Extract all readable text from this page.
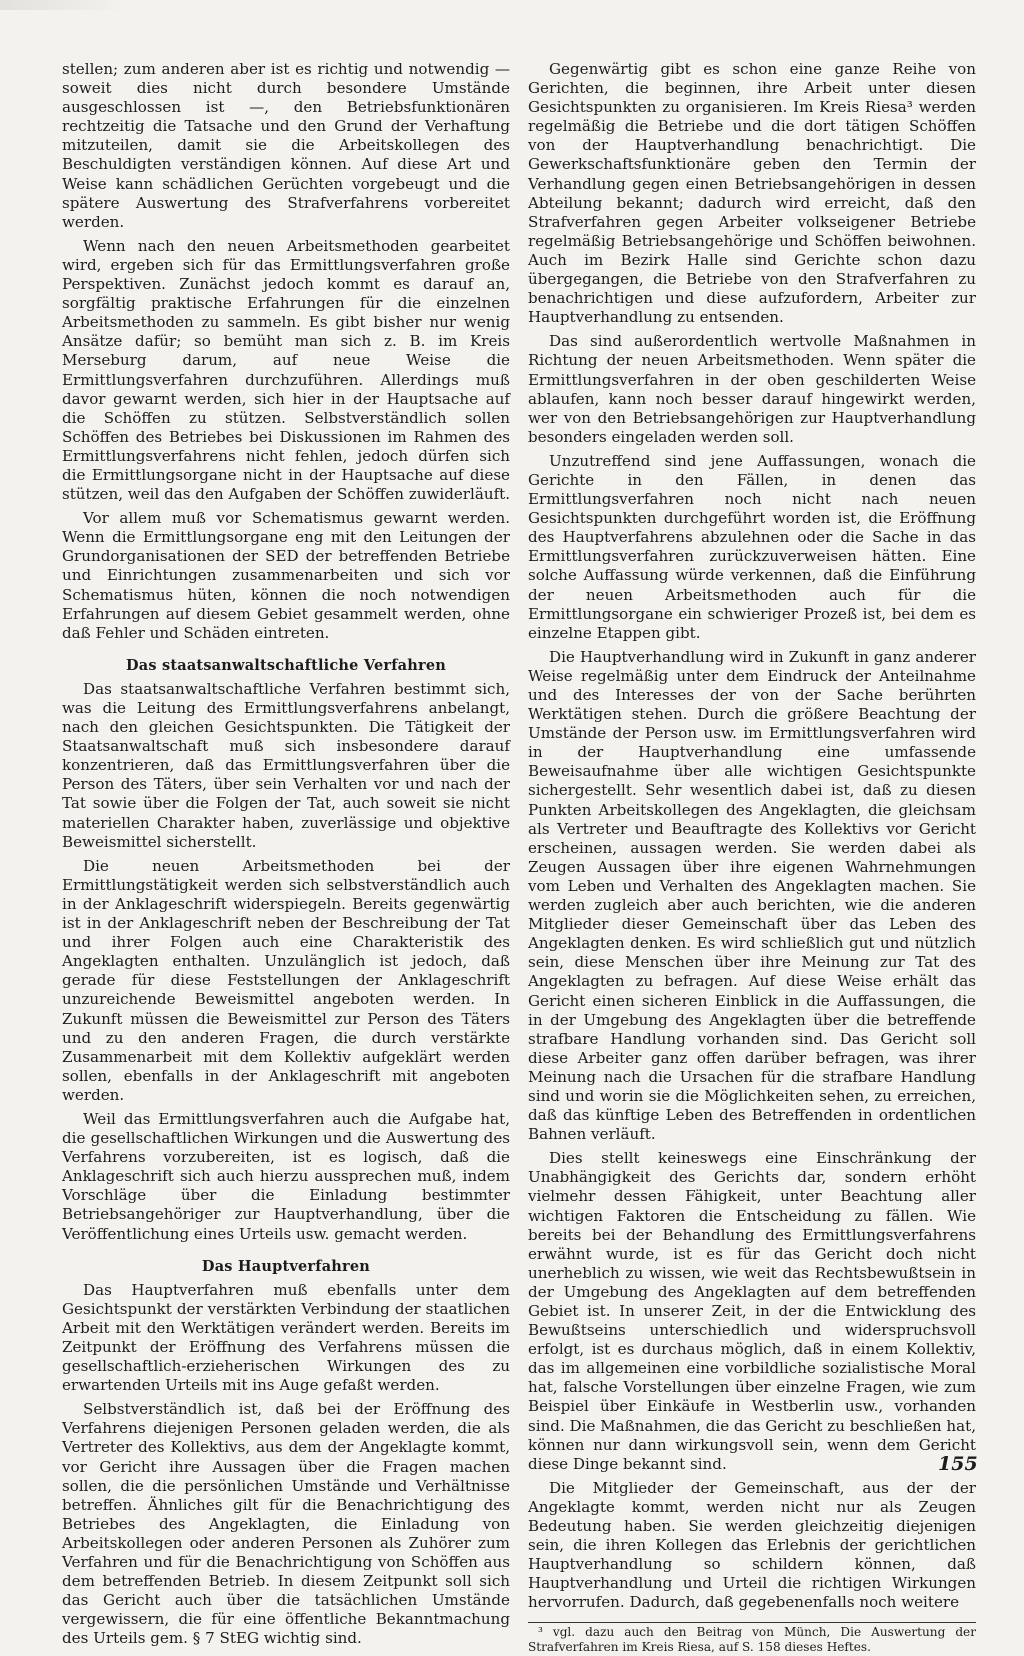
stellen; zum anderen aber ist es richtig und notwendig — soweit dies nicht durch besondere Umstände ausgeschlossen ist —, den Betriebsfunktionären rechtzeitig die Tatsache und den Grund der Verhaftung mitzuteilen, damit sie die Arbeitskollegen des Beschuldigten verständigen können. Auf diese Art und Weise kann schädlichen Gerüchten vorgebeugt und die spätere Auswertung des Strafverfahrens vorbereitet werden.

Wenn nach den neuen Arbeitsmethoden gearbeitet wird, ergeben sich für das Ermittlungsverfahren große Perspektiven. Zunächst jedoch kommt es darauf an, sorgfältig praktische Erfahrungen für die einzelnen Arbeitsmethoden zu sammeln. Es gibt bisher nur wenig Ansätze dafür; so bemüht man sich z. B. im Kreis Merseburg darum, auf neue Weise die Ermittlungsverfahren durchzuführen. Allerdings muß davor gewarnt werden, sich hier in der Hauptsache auf die Schöffen zu stützen. Selbstverständlich sollen Schöffen des Betriebes bei Diskussionen im Rahmen des Ermittlungsverfahrens nicht fehlen, jedoch dürfen sich die Ermittlungsorgane nicht in der Hauptsache auf diese stützen, weil das den Aufgaben der Schöffen zuwiderläuft.

Vor allem muß vor Schematismus gewarnt werden. Wenn die Ermittlungsorgane eng mit den Leitungen der Grundorganisationen der SED der betreffenden Betriebe und Einrichtungen zusammenarbeiten und sich vor Schematismus hüten, können die noch notwendigen Erfahrungen auf diesem Gebiet gesammelt werden, ohne daß Fehler und Schäden eintreten.

Das staatsanwaltschaftliche Verfahren

Das staatsanwaltschaftliche Verfahren bestimmt sich, was die Leitung des Ermittlungsverfahrens anbelangt, nach den gleichen Gesichtspunkten. Die Tätigkeit der Staatsanwaltschaft muß sich insbesondere darauf konzentrieren, daß das Ermittlungsverfahren über die Person des Täters, über sein Verhalten vor und nach der Tat sowie über die Folgen der Tat, auch soweit sie nicht materiellen Charakter haben, zuverlässige und objektive Beweismittel sicherstellt.

Die neuen Arbeitsmethoden bei der Ermittlungstätigkeit werden sich selbstverständlich auch in der Anklageschrift widerspiegeln. Bereits gegenwärtig ist in der Anklageschrift neben der Beschreibung der Tat und ihrer Folgen auch eine Charakteristik des Angeklagten enthalten. Unzulänglich ist jedoch, daß gerade für diese Feststellungen der Anklageschrift unzureichende Beweismittel angeboten werden. In Zukunft müssen die Beweismittel zur Person des Täters und zu den anderen Fragen, die durch verstärkte Zusammenarbeit mit dem Kollektiv aufgeklärt werden sollen, ebenfalls in der Anklageschrift mit angeboten werden.

Weil das Ermittlungsverfahren auch die Aufgabe hat, die gesellschaftlichen Wirkungen und die Auswertung des Verfahrens vorzubereiten, ist es logisch, daß die Anklageschrift sich auch hierzu aussprechen muß, indem Vorschläge über die Einladung bestimmter Betriebsangehöriger zur Hauptverhandlung, über die Veröffentlichung eines Urteils usw. gemacht werden.

Das Hauptverfahren

Das Hauptverfahren muß ebenfalls unter dem Gesichtspunkt der verstärkten Verbindung der staatlichen Arbeit mit den Werktätigen verändert werden. Bereits im Zeitpunkt der Eröffnung des Verfahrens müssen die gesellschaftlich-erzieherischen Wirkungen des zu erwartenden Urteils mit ins Auge gefaßt werden.

Selbstverständlich ist, daß bei der Eröffnung des Verfahrens diejenigen Personen geladen werden, die als Vertreter des Kollektivs, aus dem der Angeklagte kommt, vor Gericht ihre Aussagen über die Fragen machen sollen, die die persönlichen Umstände und Verhältnisse betreffen. Ähnliches gilt für die Benachrichtigung des Betriebes des Angeklagten, die Einladung von Arbeitskollegen oder anderen Personen als Zuhörer zum Verfahren und für die Benachrichtigung von Schöffen aus dem betreffenden Betrieb. In diesem Zeitpunkt soll sich das Gericht auch über die tatsächlichen Umstände vergewissern, die für eine öffentliche Bekanntmachung des Urteils gem. § 7 StEG wichtig sind.

Gegenwärtig gibt es schon eine ganze Reihe von Gerichten, die beginnen, ihre Arbeit unter diesen Gesichtspunkten zu organisieren. Im Kreis Riesa³ werden regelmäßig die Betriebe und die dort tätigen Schöffen von der Hauptverhandlung benachrichtigt. Die Gewerkschaftsfunktionäre geben den Termin der Verhandlung gegen einen Betriebsangehörigen in dessen Abteilung bekannt; dadurch wird erreicht, daß den Strafverfahren gegen Arbeiter volkseigener Betriebe regelmäßig Betriebsangehörige und Schöffen beiwohnen. Auch im Bezirk Halle sind Gerichte schon dazu übergegangen, die Betriebe von den Strafverfahren zu benachrichtigen und diese aufzufordern, Arbeiter zur Hauptverhandlung zu entsenden.

Das sind außerordentlich wertvolle Maßnahmen in Richtung der neuen Arbeitsmethoden. Wenn später die Ermittlungsverfahren in der oben geschilderten Weise ablaufen, kann noch besser darauf hingewirkt werden, wer von den Betriebsangehörigen zur Hauptverhandlung besonders eingeladen werden soll.

Unzutreffend sind jene Auffassungen, wonach die Gerichte in den Fällen, in denen das Ermittlungsverfahren noch nicht nach neuen Gesichtspunkten durchgeführt worden ist, die Eröffnung des Hauptverfahrens abzulehnen oder die Sache in das Ermittlungsverfahren zurückzuverweisen hätten. Eine solche Auffassung würde verkennen, daß die Einführung der neuen Arbeitsmethoden auch für die Ermittlungsorgane ein schwieriger Prozeß ist, bei dem es einzelne Etappen gibt.

Die Hauptverhandlung wird in Zukunft in ganz anderer Weise regelmäßig unter dem Eindruck der Anteilnahme und des Interesses der von der Sache berührten Werktätigen stehen. Durch die größere Beachtung der Umstände der Person usw. im Ermittlungsverfahren wird in der Hauptverhandlung eine umfassende Beweisaufnahme über alle wichtigen Gesichtspunkte sichergestellt. Sehr wesentlich dabei ist, daß zu diesen Punkten Arbeitskollegen des Angeklagten, die gleichsam als Vertreter und Beauftragte des Kollektivs vor Gericht erscheinen, aussagen werden. Sie werden dabei als Zeugen Aussagen über ihre eigenen Wahrnehmungen vom Leben und Verhalten des Angeklagten machen. Sie werden zugleich aber auch berichten, wie die anderen Mitglieder dieser Gemeinschaft über das Leben des Angeklagten denken. Es wird schließlich gut und nützlich sein, diese Menschen über ihre Meinung zur Tat des Angeklagten zu befragen. Auf diese Weise erhält das Gericht einen sicheren Einblick in die Auffassungen, die in der Umgebung des Angeklagten über die betreffende strafbare Handlung vorhanden sind. Das Gericht soll diese Arbeiter ganz offen darüber befragen, was ihrer Meinung nach die Ursachen für die strafbare Handlung sind und worin sie die Möglichkeiten sehen, zu erreichen, daß das künftige Leben des Betreffenden in ordentlichen Bahnen verläuft.

Dies stellt keineswegs eine Einschränkung der Unabhängigkeit des Gerichts dar, sondern erhöht vielmehr dessen Fähigkeit, unter Beachtung aller wichtigen Faktoren die Entscheidung zu fällen. Wie bereits bei der Behandlung des Ermittlungsverfahrens erwähnt wurde, ist es für das Gericht doch nicht unerheblich zu wissen, wie weit das Rechtsbewußtsein in der Umgebung des Angeklagten auf dem betreffenden Gebiet ist. In unserer Zeit, in der die Entwicklung des Bewußtseins unterschiedlich und widerspruchsvoll erfolgt, ist es durchaus möglich, daß in einem Kollektiv, das im allgemeinen eine vorbildliche sozialistische Moral hat, falsche Vorstellungen über einzelne Fragen, wie zum Beispiel über Einkäufe in Westberlin usw., vorhanden sind. Die Maßnahmen, die das Gericht zu beschließen hat, können nur dann wirkungsvoll sein, wenn dem Gericht diese Dinge bekannt sind.

Die Mitglieder der Gemeinschaft, aus der der Angeklagte kommt, werden nicht nur als Zeugen Bedeutung haben. Sie werden gleichzeitig diejenigen sein, die ihren Kollegen das Erlebnis der gerichtlichen Hauptverhandlung so schildern können, daß Hauptverhandlung und Urteil die richtigen Wirkungen hervorrufen. Dadurch, daß gegebenenfalls noch weitere

³ vgl. dazu auch den Beitrag von Münch, Die Auswertung der Strafverfahren im Kreis Riesa, auf S. 158 dieses Heftes.

155
